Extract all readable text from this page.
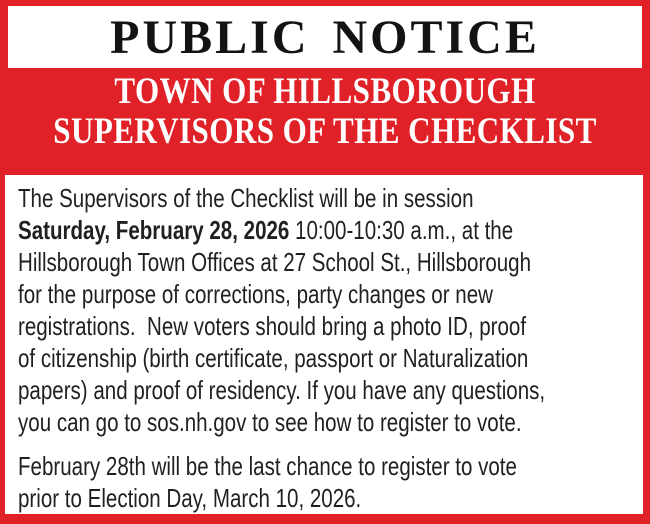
PUBLIC NOTICE
TOWN OF HILLSBOROUGH
SUPERVISORS OF THE CHECKLIST
The Supervisors of the Checklist will be in session
Saturday, February 28, 2026 10:00-10:30 a.m., at the
Hillsborough Town Offices at 27 School St., Hillsborough
for the purpose of corrections, party changes or new
registrations.  New voters should bring a photo ID, proof
of citizenship (birth certificate, passport or Naturalization
papers) and proof of residency. If you have any questions,
you can go to sos.nh.gov to see how to register to vote.
February 28th will be the last chance to register to vote
prior to Election Day, March 10, 2026.
